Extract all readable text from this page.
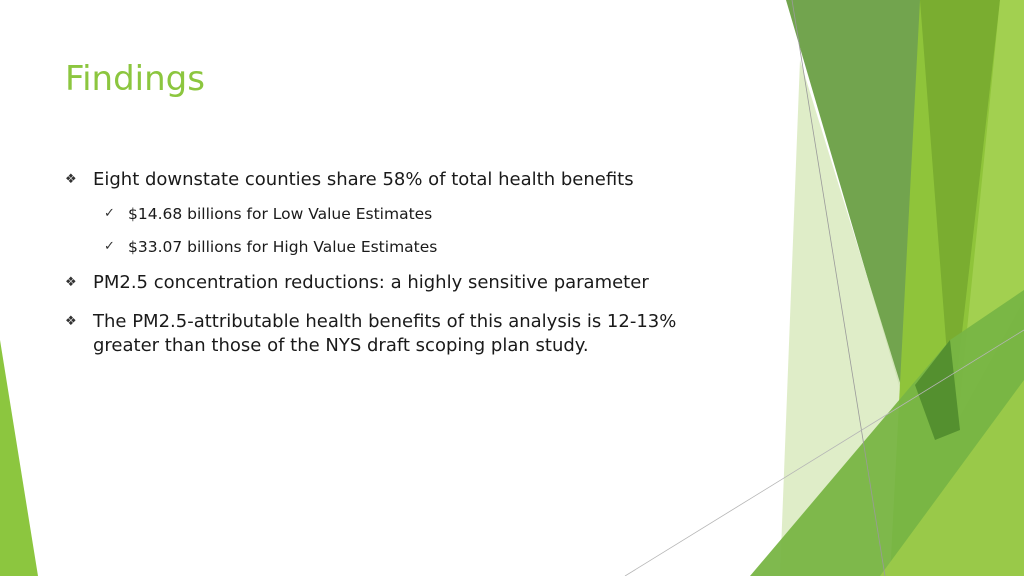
Findings
❖ Eight downstate counties share 58% of total health benefits
✓ $14.68 billions for Low Value Estimates
✓ $33.07 billions for High Value Estimates
❖ PM2.5 concentration reductions: a highly sensitive parameter
❖ The PM2.5-attributable health benefits of this analysis is 12-13% greater than those of the NYS draft scoping plan study.
